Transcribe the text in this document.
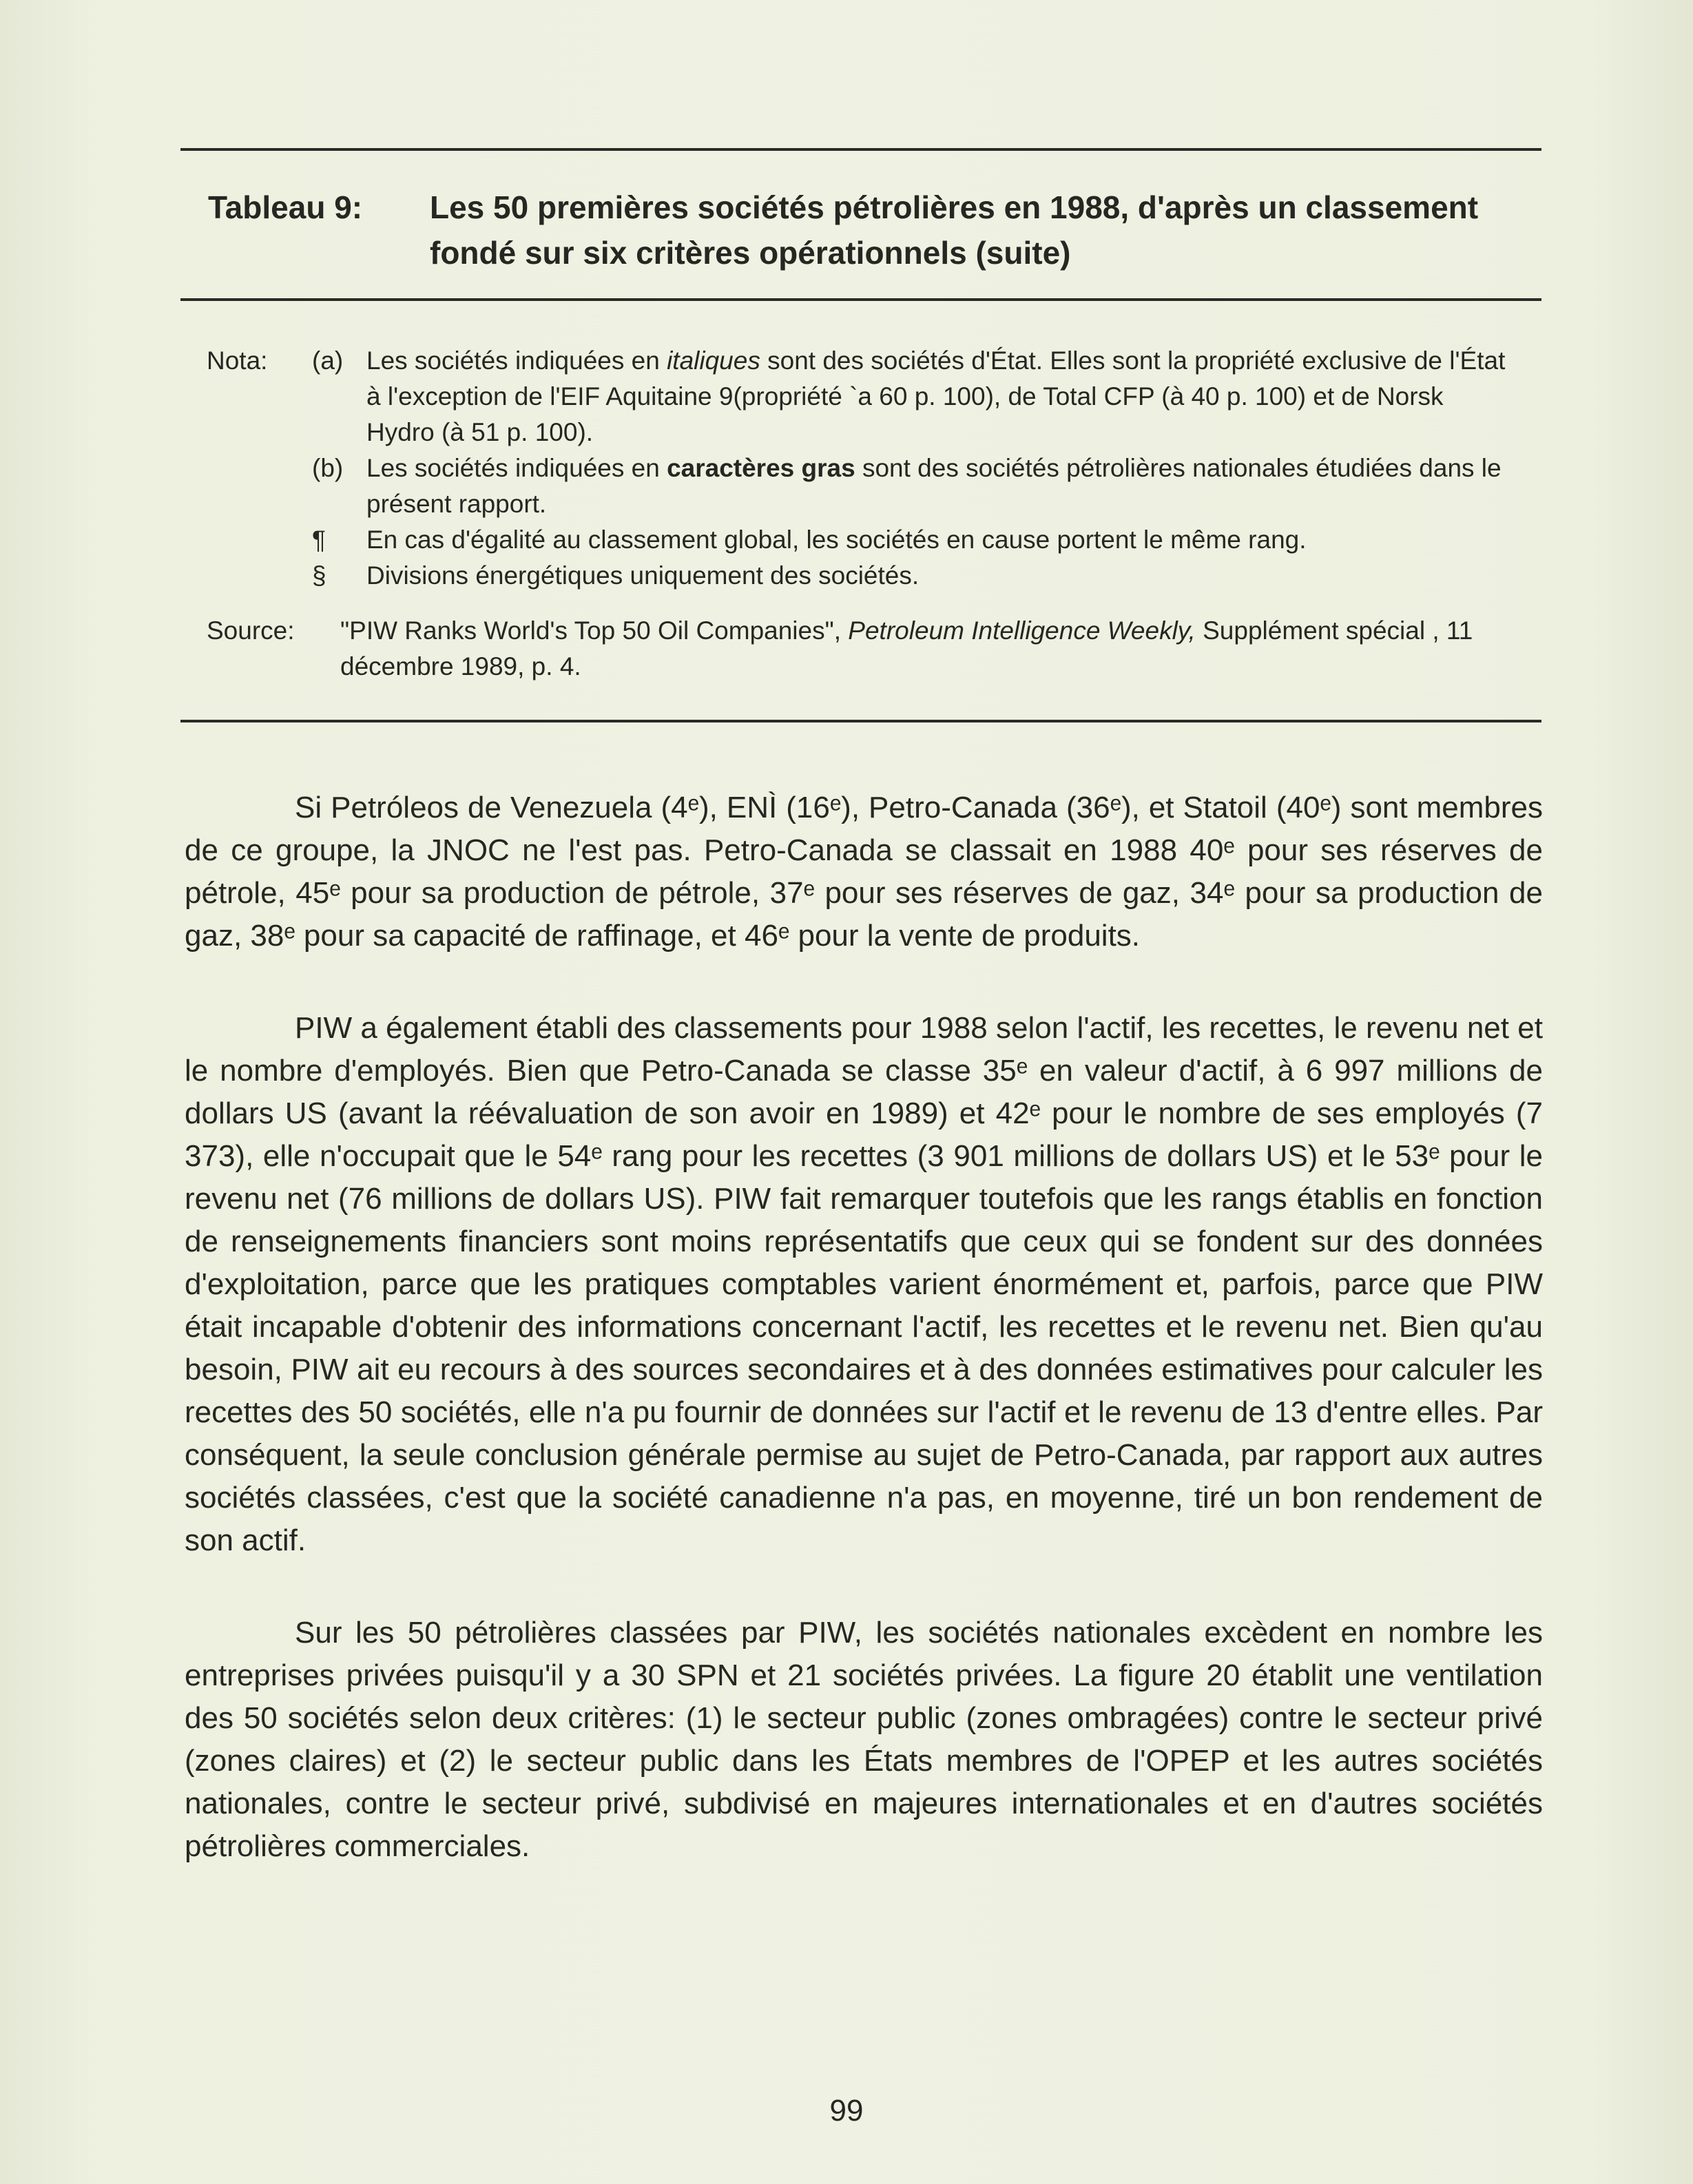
Tableau 9: Les 50 premières sociétés pétrolières en 1988, d'après un classement fondé sur six critères opérationnels (suite)
Nota: (a) Les sociétés indiquées en italiques sont des sociétés d'État. Elles sont la propriété exclusive de l'État à l'exception de l'EIF Aquitaine 9(propriété `a 60 p. 100), de Total CFP (à 40 p. 100) et de Norsk Hydro (à 51 p. 100).
(b) Les sociétés indiquées en caractères gras sont des sociétés pétrolières nationales étudiées dans le présent rapport.
¶ En cas d'égalité au classement global, les sociétés en cause portent le même rang.
§ Divisions énergétiques uniquement des sociétés.
Source: "PIW Ranks World's Top 50 Oil Companies", Petroleum Intelligence Weekly, Supplément spécial , 11 décembre 1989, p. 4.

Si Petróleos de Venezuela (4ᵉ), ENÌ (16ᵉ), Petro-Canada (36ᵉ), et Statoil (40ᵉ) sont membres de ce groupe, la JNOC ne l'est pas. Petro-Canada se classait en 1988 40ᵉ pour ses réserves de pétrole, 45ᵉ pour sa production de pétrole, 37ᵉ pour ses réserves de gaz, 34ᵉ pour sa production de gaz, 38ᵉ pour sa capacité de raffinage, et 46ᵉ pour la vente de produits.

PIW a également établi des classements pour 1988 selon l'actif, les recettes, le revenu net et le nombre d'employés. Bien que Petro-Canada se classe 35ᵉ en valeur d'actif, à 6 997 millions de dollars US (avant la réévaluation de son avoir en 1989) et 42ᵉ pour le nombre de ses employés (7 373), elle n'occupait que le 54ᵉ rang pour les recettes (3 901 millions de dollars US) et le 53ᵉ pour le revenu net (76 millions de dollars US). PIW fait remarquer toutefois que les rangs établis en fonction de renseignements financiers sont moins représentatifs que ceux qui se fondent sur des données d'exploitation, parce que les pratiques comptables varient énormément et, parfois, parce que PIW était incapable d'obtenir des informations concernant l'actif, les recettes et le revenu net. Bien qu'au besoin, PIW ait eu recours à des sources secondaires et à des données estimatives pour calculer les recettes des 50 sociétés, elle n'a pu fournir de données sur l'actif et le revenu de 13 d'entre elles. Par conséquent, la seule conclusion générale permise au sujet de Petro-Canada, par rapport aux autres sociétés classées, c'est que la société canadienne n'a pas, en moyenne, tiré un bon rendement de son actif.

Sur les 50 pétrolières classées par PIW, les sociétés nationales excèdent en nombre les entreprises privées puisqu'il y a 30 SPN et 21 sociétés privées. La figure 20 établit une ventilation des 50 sociétés selon deux critères: (1) le secteur public (zones ombragées) contre le secteur privé (zones claires) et (2) le secteur public dans les États membres de l'OPEP et les autres sociétés nationales, contre le secteur privé, subdivisé en majeures internationales et en d'autres sociétés pétrolières commerciales.

99
